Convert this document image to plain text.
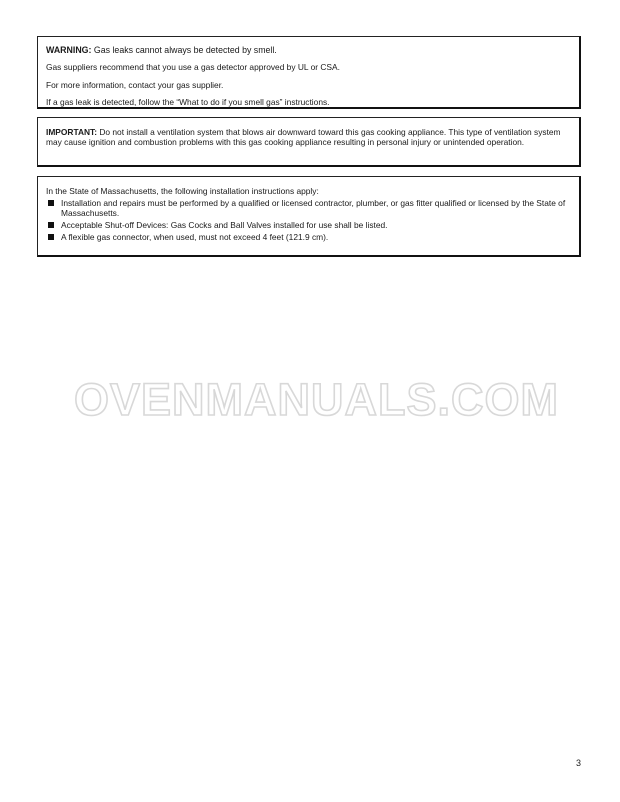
WARNING: Gas leaks cannot always be detected by smell.

Gas suppliers recommend that you use a gas detector approved by UL or CSA.

For more information, contact your gas supplier.

If a gas leak is detected, follow the “What to do if you smell gas” instructions.

IMPORTANT: Do not install a ventilation system that blows air downward toward this gas cooking appliance. This type of ventilation system may cause ignition and combustion problems with this gas cooking appliance resulting in personal injury or unintended operation.

In the State of Massachusetts, the following installation instructions apply:

Installation and repairs must be performed by a qualified or licensed contractor, plumber, or gas fitter qualified or licensed by the State of Massachusetts.
Acceptable Shut-off Devices: Gas Cocks and Ball Valves installed for use shall be listed.
A flexible gas connector, when used, must not exceed 4 feet (121.9 cm).
OVENMANUALS.COM
3
